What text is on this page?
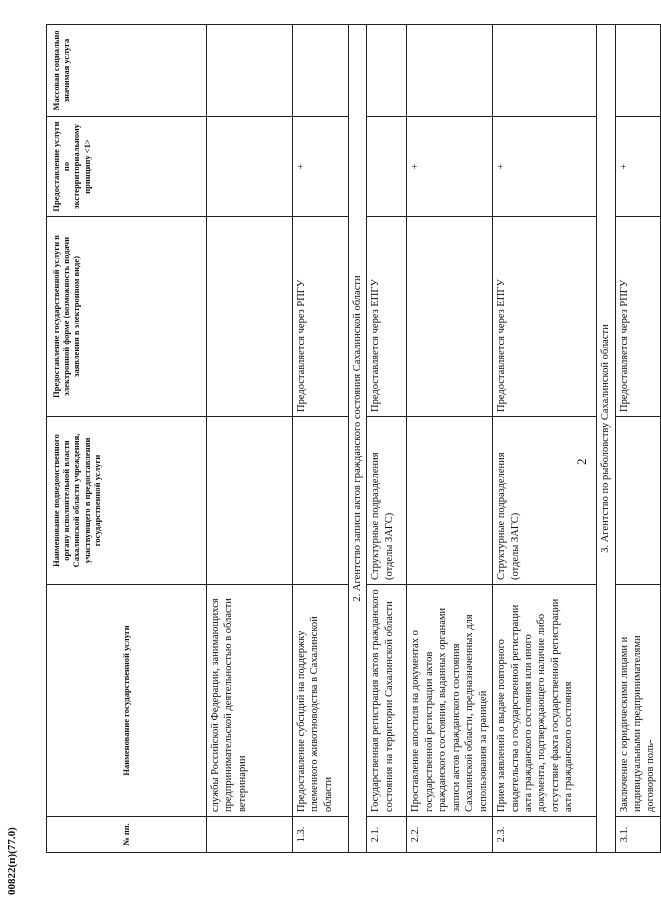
00822(п)(77.0)	№ пп.	Наименование государственной услуги	Наименование подведомственного органу исполнительной власти Сахалинской области учреждения, участвующего в предоставлении государственной услуги	Предоставление государственной услуги в электронной форме (возможность подачи заявления в электронном виде)	Предоставление услуги по экстерриториальному принципу <1>	Массовая социально значимая услуга
	службы Российской Федерации, занимающихся предпринимательской деятельностью в области ветеринарии				
1.3.	Предоставление субсидий на поддержку племенного животноводства в Сахалинской области		Предоставляется через РПГУ	+	
2. Агентство записи актов гражданского состояния Сахалинской области					
2.1.	Государственная регистрация актов гражданского состояния на территории Сахалинской области	Структурные подразделения (отделы ЗАГС)	Предоставляется через ЕПГУ		
2.2.	Проставление апостиля на документах о государственной регистрации актов гражданского состояния, выданных органами записи актов гражданского состояния Сахалинской области, предназначенных для использования за границей			+	
2.3.	Прием заявлений о выдаче повторного свидетельства о государственной регистрации акта гражданского состояния или иного документа, подтверждающего наличие либо отсутствие факта государственной регистрации акта гражданского состояния	Структурные подразделения (отделы ЗАГС)	Предоставляется через ЕПГУ	+	
3. Агентство по рыболовству Сахалинской области					
3.1.	Заключение с юридическими лицами и индивидуальными предпринимателями договоров поль-		Предоставляется через РПГУ	+	
2
